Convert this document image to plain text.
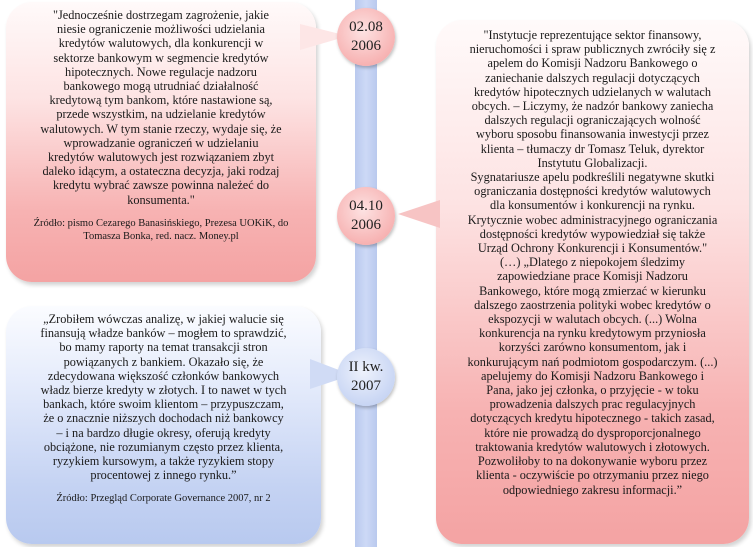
"Jednocześnie dostrzegam zagrożenie, jakie
niesie ograniczenie możliwości udzielania
kredytów walutowych, dla konkurencji w
sektorze bankowym w segmencie kredytów
hipotecznych. Nowe regulacje nadzoru
bankowego mogą utrudniać działalność
kredytową tym bankom, które nastawione są,
przede wszystkim, na udzielanie kredytów
walutowych. W tym stanie rzeczy, wydaje się, że
wprowadzanie ograniczeń w udzielaniu
kredytów walutowych jest rozwiązaniem zbyt
daleko idącym, a ostateczna decyzja, jaki rodzaj
kredytu wybrać zawsze powinna należeć do
konsumenta."
Źródło: pismo Cezarego Banasińskiego, Prezesa UOKiK, do
Tomasza Bonka, red. nacz. Money.pl
„Zrobiłem wówczas analizę, w jakiej walucie się
finansują władze banków – mogłem to sprawdzić,
bo mamy raporty na temat transakcji stron
powiązanych z bankiem. Okazało się, że
zdecydowana większość członków bankowych
władz bierze kredyty w złotych. I to nawet w tych
bankach, które swoim klientom – przypuszczam,
że o znacznie niższych dochodach niż bankowcy
– i na bardzo długie okresy, oferują kredyty
obciążone, nie rozumianym często przez klienta,
ryzykiem kursowym, a także ryzykiem stopy
procentowej z innego rynku.”
Źródło: Przegląd Corporate Governance 2007, nr 2
"Instytucje reprezentujące sektor finansowy,
nieruchomości i spraw publicznych zwróciły się z
apelem do Komisji Nadzoru Bankowego o
zaniechanie dalszych regulacji dotyczących
kredytów hipotecznych udzielanych w walutach
obcych. – Liczymy, że nadzór bankowy zaniecha
dalszych regulacji ograniczających wolność
wyboru sposobu finansowania inwestycji przez
klienta – tłumaczy dr Tomasz Teluk, dyrektor
Instytutu Globalizacji.
Sygnatariusze apelu podkreślili negatywne skutki
ograniczania dostępności kredytów walutowych
dla konsumentów i konkurencji na rynku.
Krytycznie wobec administracyjnego ograniczania
dostępności kredytów wypowiedział się także
Urząd Ochrony Konkurencji i Konsumentów."
(…) „Dlatego z niepokojem śledzimy
zapowiedziane prace Komisji Nadzoru
Bankowego, które mogą zmierzać w kierunku
dalszego zaostrzenia polityki wobec kredytów o
ekspozycji w walutach obcych. (...) Wolna
konkurencja na rynku kredytowym przyniosła
korzyści zarówno konsumentom, jak i
konkurującym nań podmiotom gospodarczym. (...)
apelujemy do Komisji Nadzoru Bankowego i
Pana, jako jej członka, o przyjęcie - w toku
prowadzenia dalszych prac regulacyjnych
dotyczących kredytu hipotecznego - takich zasad,
które nie prowadzą do dysproporcjonalnego
traktowania kredytów walutowych i złotowych.
Pozwoliłoby to na dokonywanie wyboru przez
klienta - oczywiście po otrzymaniu przez niego
odpowiedniego zakresu informacji.”
02.08
2006
04.10
2006
II kw.
2007
